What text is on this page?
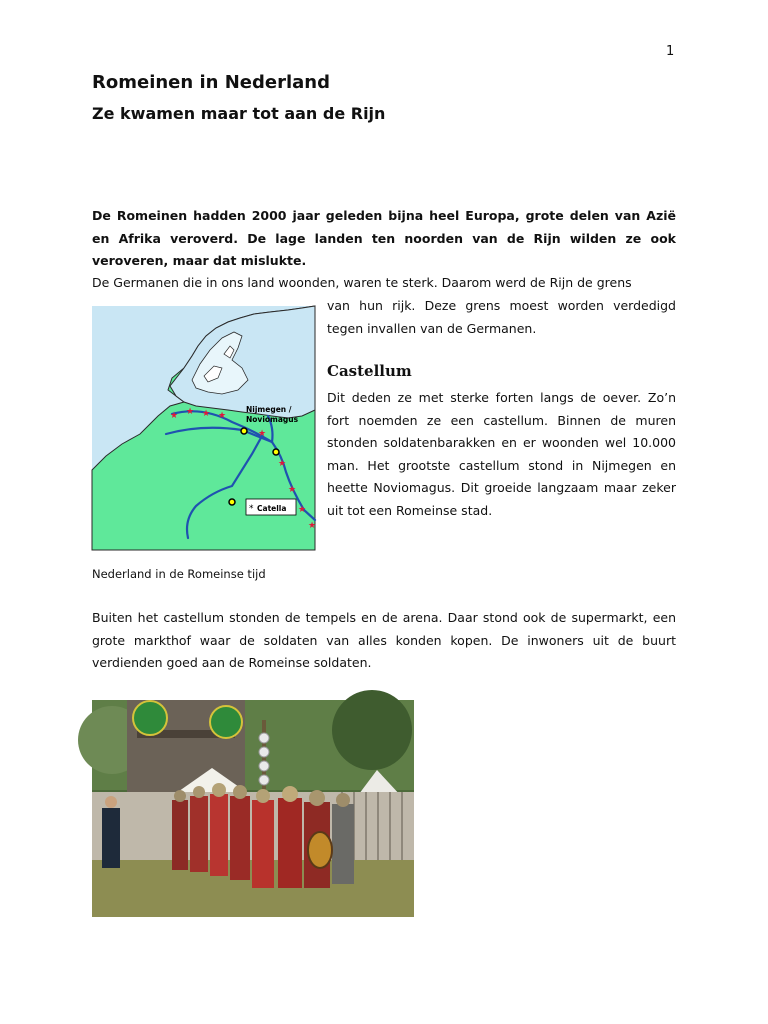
1
Romeinen in Nederland
Ze kwamen maar tot aan de Rijn

De Romeinen hadden 2000 jaar geleden bijna heel Europa, grote delen van Azië en Afrika veroverd. De lage landen ten noorden van de Rijn wilden ze ook veroveren, maar dat mislukte.

De Germanen die in ons land woonden, waren te sterk. Daarom werd de Rijn de grens

van hun rijk. Deze grens moest worden verdedigd tegen invallen van de Germanen.

Castellum

Dit deden ze met sterke forten langs de oever. Zo’n fort noemden ze een castellum. Binnen de muren stonden soldatenbarakken en er woonden wel 10.000 man. Het grootste castellum stond in Nijmegen en heette Noviomagus. Dit groeide langzaam maar zeker uit tot een Romeinse stad.

★ ★ ★ ★
★
★
★
★
★
Nijmegen /
Noviomagus
* Catella
Nederland in de Romeinse tijd

Buiten het castellum stonden de tempels en de arena. Daar stond ook de supermarkt, een grote markthof waar de soldaten van alles konden kopen. De inwoners uit de buurt verdienden goed aan de Romeinse soldaten.
